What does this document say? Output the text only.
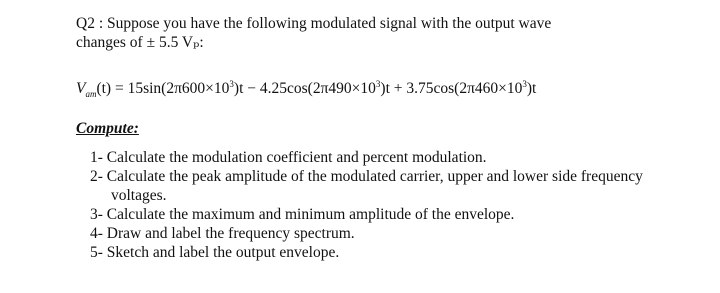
Q2 : Suppose you have the following modulated signal with the output wave
changes of ± 5.5 Vₚ:
$V_{am}(t) = 15\sin(2\pi 600\times 10^3)t - 4.25\cos(2\pi 490\times 10^3)t + 3.75\cos(2\pi 460\times 10^3)t$
Compute:
1- Calculate the modulation coefficient and percent modulation.
2- Calculate the peak amplitude of the modulated carrier, upper and lower side frequency voltages.
3- Calculate the maximum and minimum amplitude of the envelope.
4- Draw and label the frequency spectrum.
5- Sketch and label the output envelope.
